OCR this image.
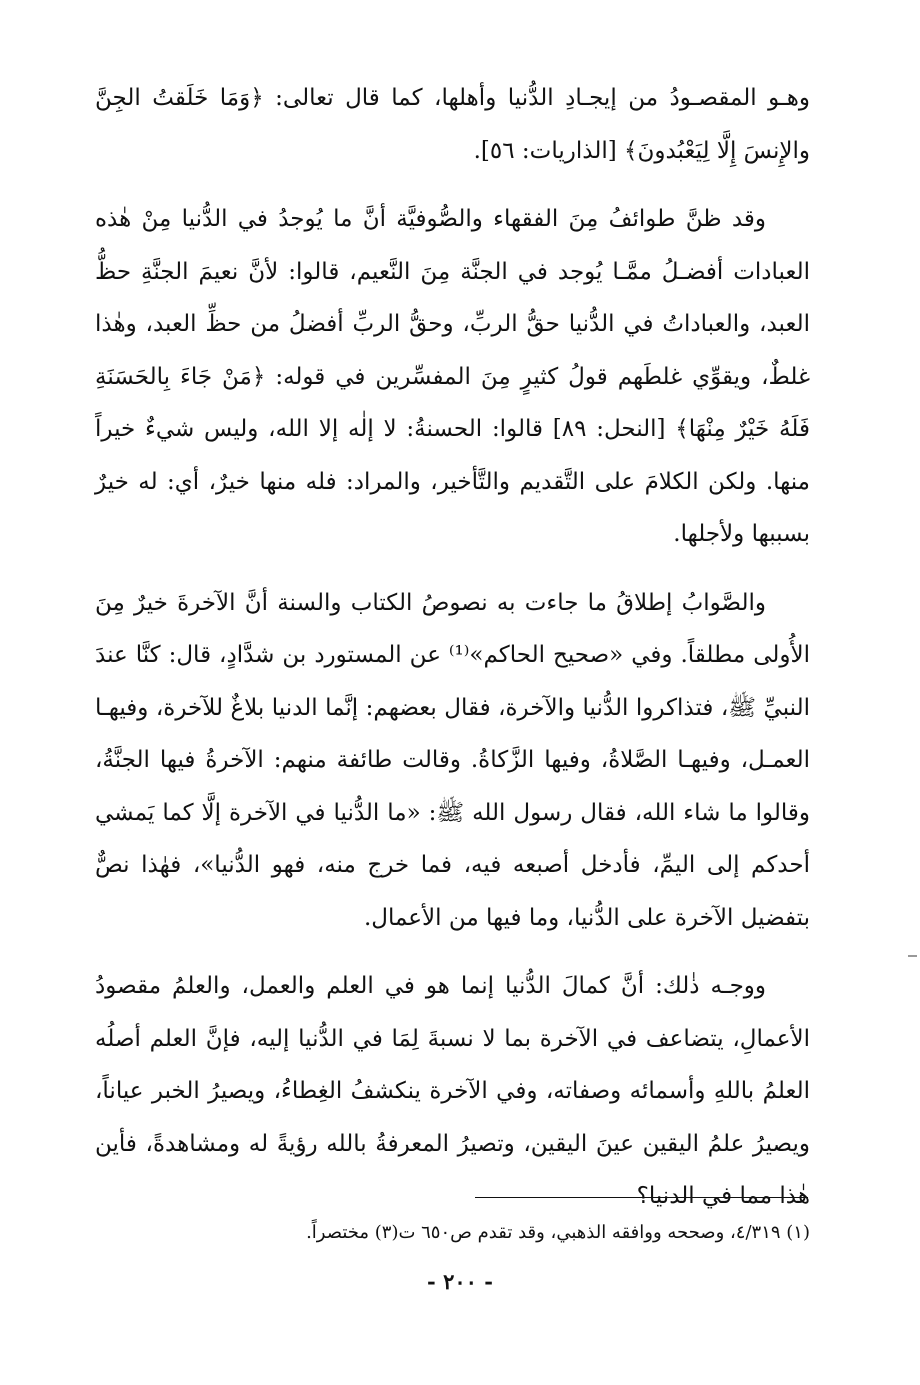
وهـو المقصـودُ من إيجـادِ الدُّنيا وأهلها، كما قال تعالى: ﴿وَمَا خَلَقتُ الجِنَّ والإِنسَ إِلَّا لِيَعْبُدونَ﴾ [الذاريات: ٥٦].

وقد ظنَّ طوائفُ مِنَ الفقهاء والصُّوفيَّة أنَّ ما يُوجدُ في الدُّنيا مِنْ هٰذه العبادات أفضـلُ ممَّـا يُوجد في الجنَّة مِنَ النَّعيم، قالوا: لأنَّ نعيمَ الجنَّةِ حظُّ العبد، والعباداتُ في الدُّنيا حقُّ الربِّ، وحقُّ الربِّ أفضلُ من حظِّ العبد، وهٰذا غلطٌ، ويقوِّي غلطَهم قولُ كثيرٍ مِنَ المفسِّرين في قوله: ﴿مَنْ جَاءَ بِالحَسَنَةِ فَلَهُ خَيْرٌ مِنْهَا﴾ [النحل: ٨٩] قالوا: الحسنةُ: لا إلٰه إلا الله، وليس شيءٌ خيراً منها. ولكن الكلامَ على التَّقديم والتَّأخير، والمراد: فله منها خيرٌ، أي: له خيرٌ بسببها ولأجلها.

والصَّوابُ إطلاقُ ما جاءت به نصوصُ الكتاب والسنة أنَّ الآخرةَ خيرٌ مِنَ الأُولى مطلقاً. وفي «صحيح الحاكم»⁽¹⁾ عن المستورد بن شدَّادٍ، قال: كنَّا عندَ النبيِّ ﷺ، فتذاكروا الدُّنيا والآخرة، فقال بعضهم: إنَّما الدنيا بلاغٌ للآخرة، وفيهـا العمـل، وفيهـا الصَّلاةُ، وفيها الزَّكاةُ. وقالت طائفة منهم: الآخرةُ فيها الجنَّةُ، وقالوا ما شاء الله، فقال رسول الله ﷺ: «ما الدُّنيا في الآخرة إلَّا كما يَمشي أحدكم إلى اليمِّ، فأدخل أصبعه فيه، فما خرج منه، فهو الدُّنيا»، فهٰذا نصٌّ بتفضيل الآخرة على الدُّنيا، وما فيها من الأعمال.

ووجـه ذٰلك: أنَّ كمالَ الدُّنيا إنما هو في العلم والعمل، والعلمُ مقصودُ الأعمالِ، يتضاعف في الآخرة بما لا نسبةَ لِمَا في الدُّنيا إليه، فإنَّ العلم أصلُه العلمُ باللهِ وأسمائه وصفاته، وفي الآخرة ينكشفُ الغِطاءُ، ويصيرُ الخبر عياناً، ويصيرُ علمُ اليقين عينَ اليقين، وتصيرُ المعرفةُ بالله رؤيةً له ومشاهدةً، فأين هٰذا مما في الدنيا؟

(١) ٤/٣١٩، وصححه ووافقه الذهبي، وقد تقدم ص٦٥٠ ت(٣) مختصراً.
- ٢٠٠ -
